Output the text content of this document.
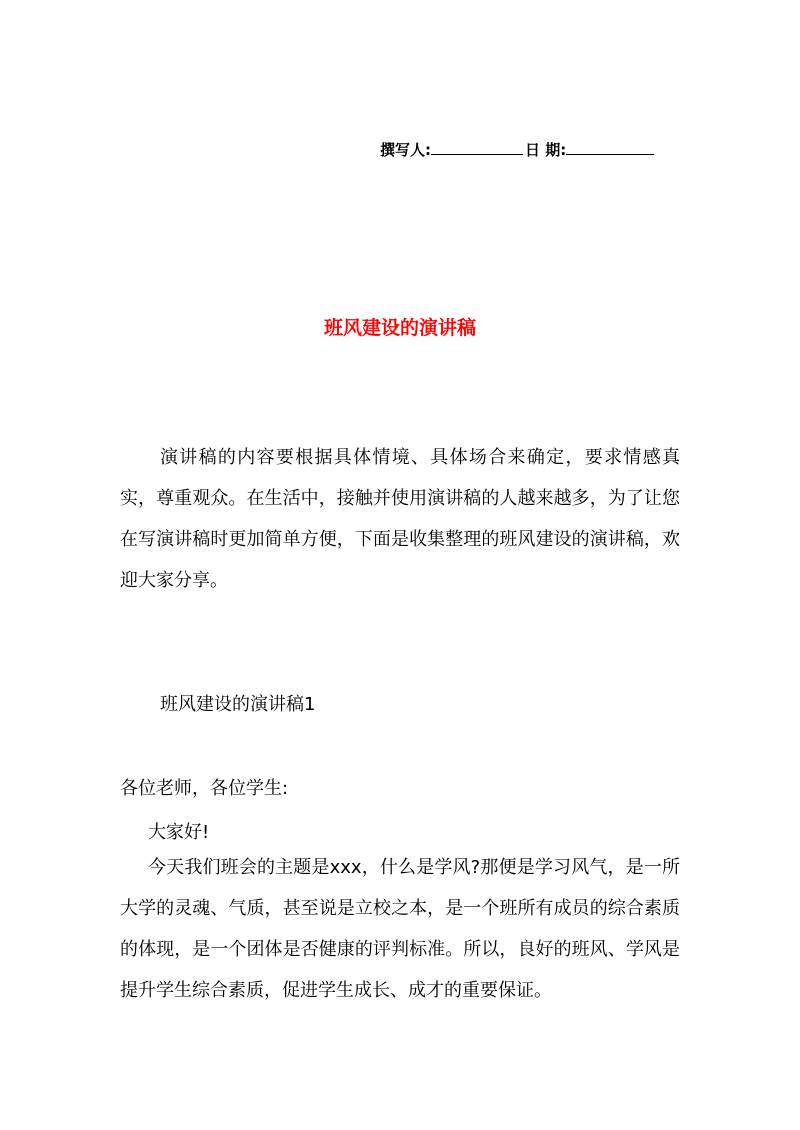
撰写人:	日 期:
班风建设的演讲稿
演讲稿的内容要根据具体情境、具体场合来确定，要求情感真实，尊重观众。在生活中，接触并使用演讲稿的人越来越多，为了让您在写演讲稿时更加简单方便，下面是收集整理的班风建设的演讲稿，欢迎大家分享。
班风建设的演讲稿1
各位老师，各位学生:
大家好!
今天我们班会的主题是xxx，什么是学风?那便是学习风气，是一所大学的灵魂、气质，甚至说是立校之本，是一个班所有成员的综合素质的体现，是一个团体是否健康的评判标准。所以，良好的班风、学风是提升学生综合素质，促进学生成长、成才的重要保证。
